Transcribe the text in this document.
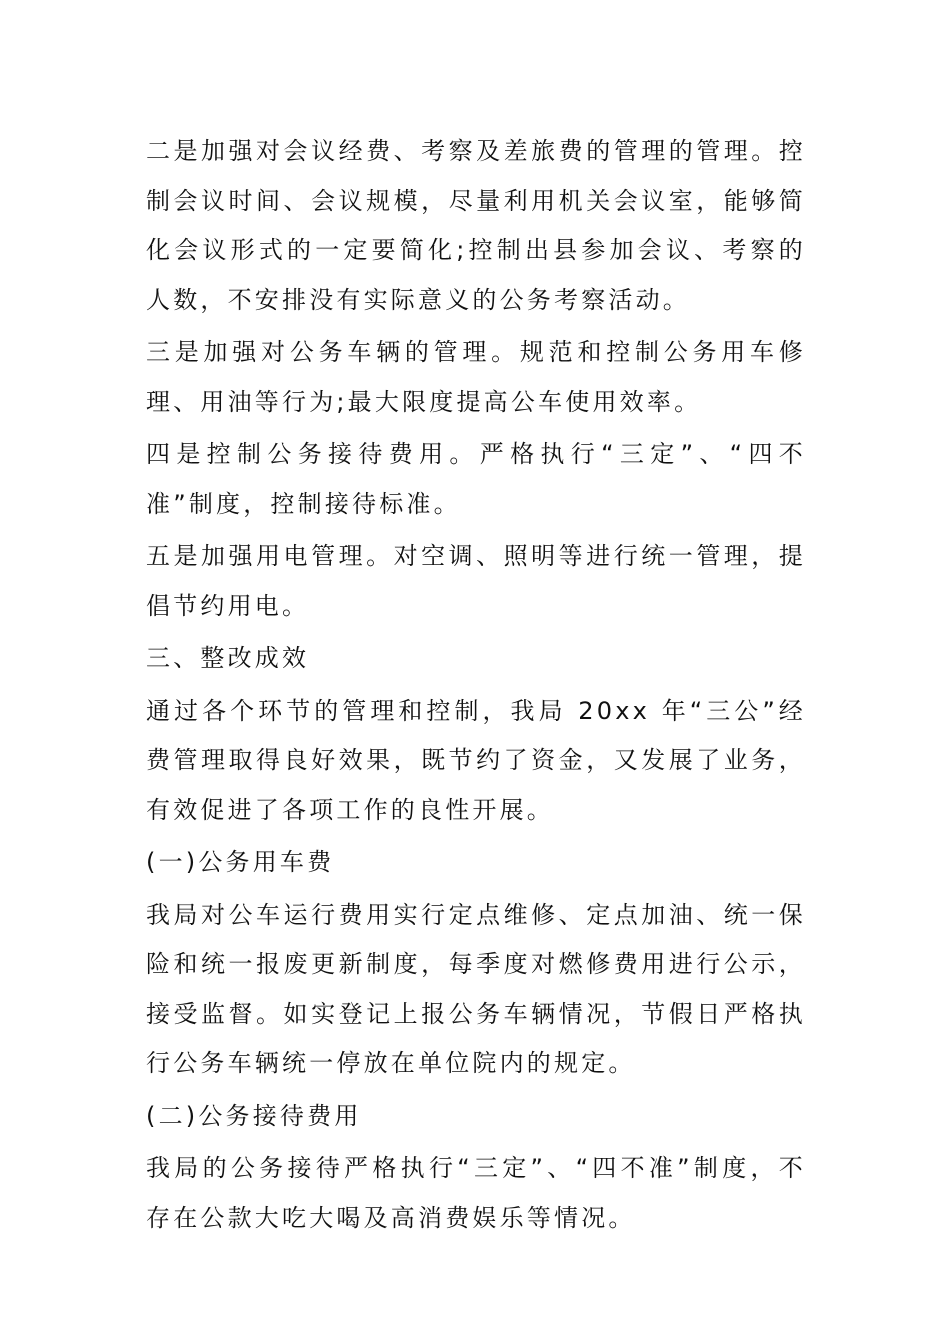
二是加强对会议经费、考察及差旅费的管理的管理。控制会议时间、会议规模，尽量利用机关会议室，能够简化会议形式的一定要简化;控制出县参加会议、考察的人数，不安排没有实际意义的公务考察活动。

三是加强对公务车辆的管理。规范和控制公务用车修理、用油等行为;最大限度提高公车使用效率。

四是控制公务接待费用。严格执行“三定”、“四不准”制度，控制接待标准。

五是加强用电管理。对空调、照明等进行统一管理，提倡节约用电。

三、整改成效

通过各个环节的管理和控制，我局 20xx 年“三公”经费管理取得良好效果，既节约了资金，又发展了业务，有效促进了各项工作的良性开展。

(一)公务用车费

我局对公车运行费用实行定点维修、定点加油、统一保险和统一报废更新制度，每季度对燃修费用进行公示，接受监督。如实登记上报公务车辆情况，节假日严格执行公务车辆统一停放在单位院内的规定。

(二)公务接待费用

我局的公务接待严格执行“三定”、“四不准”制度，不存在公款大吃大喝及高消费娱乐等情况。
